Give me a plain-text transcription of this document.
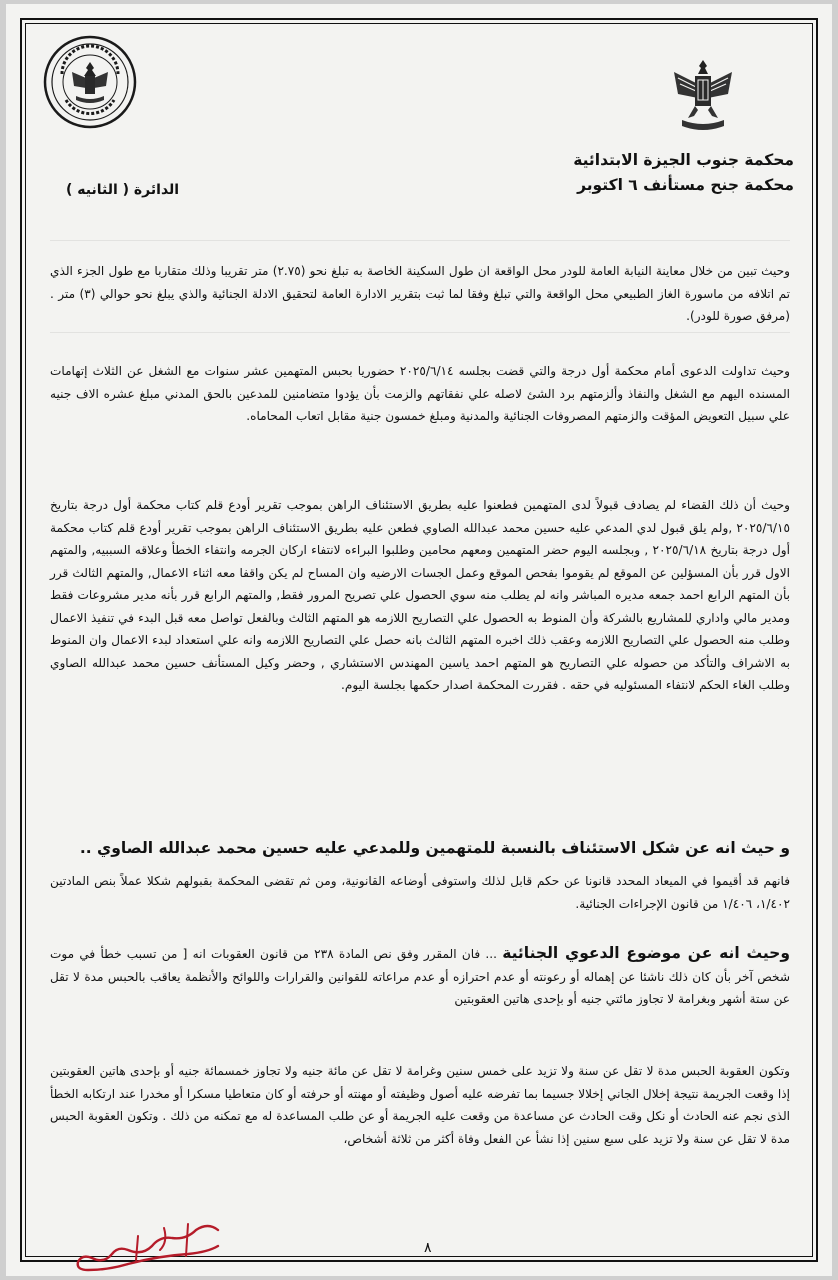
محكمة جنوب الجيزة الابتدائية
محكمة جنح مستأنف ٦ اكتوبر
الدائرة ( الثانيه )
وحيث تبين من خلال معاينة النيابة العامة للودر محل الواقعة ان طول السكينة الخاصة به تبلغ نحو (٢.٧٥) متر تقريبا وذلك متقاربا مع طول الجزء الذي تم اتلافه من ماسورة الغاز الطبيعي محل الواقعة والتي تبلغ وفقا لما ثبت بتقرير الادارة العامة لتحقيق الادلة الجنائية والذي يبلغ نحو حوالي (٣) متر .(مرفق صورة للودر).
وحيث تداولت الدعوى أمام محكمة أول درجة والتي قضت بجلسه ٢٠٢٥/٦/١٤ حضوريا بحبس المتهمين عشر سنوات مع الشغل عن الثلاث إتهامات المسنده اليهم مع الشغل والنفاذ وألزمتهم برد الشئ لاصله علي نفقاتهم والزمت بأن يؤدوا متضامنين للمدعين بالحق المدني مبلغ عشره الاف جنيه علي سبيل التعويض المؤقت والزمتهم المصروفات الجنائية والمدنية ومبلغ خمسون جنية مقابل اتعاب المحاماه.
وحيث أن ذلك القضاء لم يصادف قبولاً لدى المتهمين فطعنوا عليه بطريق الاستئناف الراهن بموجب تقرير أودع قلم كتاب محكمة أول درجة بتاريخ ٢٠٢٥/٦/١٥ ,ولم يلق قبول لدي المدعي عليه حسين محمد عبدالله الصاوي فطعن عليه بطريق الاستئناف الراهن بموجب تقرير أودع قلم كتاب محكمة أول درجة بتاريخ ٢٠٢٥/٦/١٨ , وبجلسه اليوم حضر المتهمين ومعهم محامين وطلبوا البراءه لانتفاء اركان الجرمه وانتفاء الخطأ وعلاقه السببيه, والمتهم الاول قرر بأن المسؤلين عن الموقع لم يقوموا بفحص الموقع وعمل الجسات الارضيه وان المساح لم يكن واقفا معه اثناء الاعمال, والمتهم الثالث قرر بأن المتهم الرابع احمد جمعه مديره المباشر وانه لم يطلب منه سوي الحصول علي تصريح المرور فقط, والمتهم الرابع قرر بأنه مدير مشروعات فقط ومدير مالي واداري للمشاريع بالشركة وأن المنوط به الحصول علي التصاريح اللازمه هو المتهم الثالث وبالفعل تواصل معه قبل البدء في تنفيذ الاعمال وطلب منه الحصول علي التصاريح اللازمه وعقب ذلك اخبره المتهم الثالث بانه حصل علي التصاريح اللازمه وانه علي استعداد لبدء الاعمال وان المنوط به الاشراف والتأكد من حصوله علي التصاريح هو المتهم احمد ياسين المهندس الاستشاري , وحضر وكيل المستأنف حسين محمد عبدالله الصاوي وطلب الغاء الحكم لانتفاء المسئوليه في حقه . فقررت المحكمة اصدار حكمها بجلسة اليوم.
و حيث انه عن شكل الاستئناف بالنسبة للمتهمين وللمدعي عليه حسين محمد عبدالله الصاوي ..
فانهم قد أقيموا في الميعاد المحدد قانونا عن حكم قابل لذلك واستوفى أوضاعه القانونية، ومن ثم تقضى المحكمة بقبولهم شكلا عملاً بنص المادتين ١/٤٠٢، ١/٤٠٦ من قانون الإجراءات الجنائية.
وحيث انه عن موضوع الدعوي الجنائية ... فان المقرر وفق نص المادة ٢٣٨ من قانون العقوبات انه [ من تسبب خطأ في موت شخص آخر بأن كان ذلك ناشئا عن إهماله أو رعونته أو عدم احترازه أو عدم مراعاته للقوانين والقرارات واللوائح والأنظمة يعاقب بالحبس مدة لا تقل عن ستة أشهر وبغرامة لا تجاوز مائتي جنيه أو بإحدى هاتين العقوبتين
وتكون العقوبة الحبس مدة لا تقل عن سنة ولا تزيد على خمس سنين وغرامة لا تقل عن مائة جنيه ولا تجاوز خمسمائة جنيه أو بإحدى هاتين العقوبتين إذا وقعت الجريمة نتيجة إخلال الجاني إخلالا جسيما بما تفرضه عليه أصول وظيفته أو مهنته أو حرفته أو كان متعاطيا مسكرا أو مخدرا عند ارتكابه الخطأ الذى نجم عنه الحادث أو نكل وقت الحادث عن مساعدة من وقعت عليه الجريمة أو عن طلب المساعدة له مع تمكنه من ذلك . وتكون العقوبة الحبس مدة لا تقل عن سنة ولا تزيد على سبع سنين إذا نشأ عن الفعل وفاة أكثر من ثلاثة أشخاص،
٨
